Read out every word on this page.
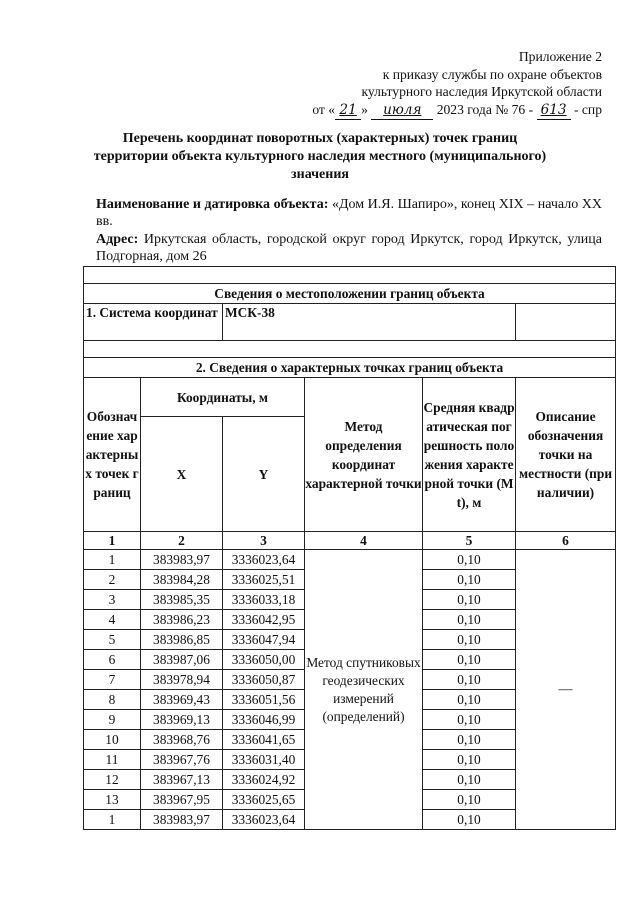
Приложение 2
к приказу службы по охране объектов
культурного наследия Иркутской области
от « 21 » июля 2023 года № 76 - 613 - спр
Перечень координат поворотных (характерных) точек границ
территории объекта культурного наследия местного (муниципального)
значения
Наименование и датировка объекта: «Дом И.Я. Шапиро», конец XIX – начало XX вв.
Адрес: Иркутская область, городской округ город Иркутск, город Иркутск, улица Подгорная, дом 26

Сведения о местоположении границ объекта					
1. Система координат		МСК-38			

2. Сведения о характерных точках границ объекта					
Обозначение характерных точек границ	Координаты, м		Метод определения координат характерной точки	Средняя квадратическая погрешность положения характерной точки (Mt), м	Описание обозначения точки на местности (при наличии)
	X	Y			
1	2	3	4	5	6
1	383983,97	3336023,64	Метод спутниковых геодезических измерений (определений)	0,10	—
2	383984,28	3336025,51		0,10	
3	383985,35	3336033,18		0,10	
4	383986,23	3336042,95		0,10	
5	383986,85	3336047,94		0,10	
6	383987,06	3336050,00		0,10	
7	383978,94	3336050,87		0,10	
8	383969,43	3336051,56		0,10	
9	383969,13	3336046,99		0,10	
10	383968,76	3336041,65		0,10	
11	383967,76	3336031,40		0,10	
12	383967,13	3336024,92		0,10	
13	383967,95	3336025,65		0,10	
1	383983,97	3336023,64		0,10	
